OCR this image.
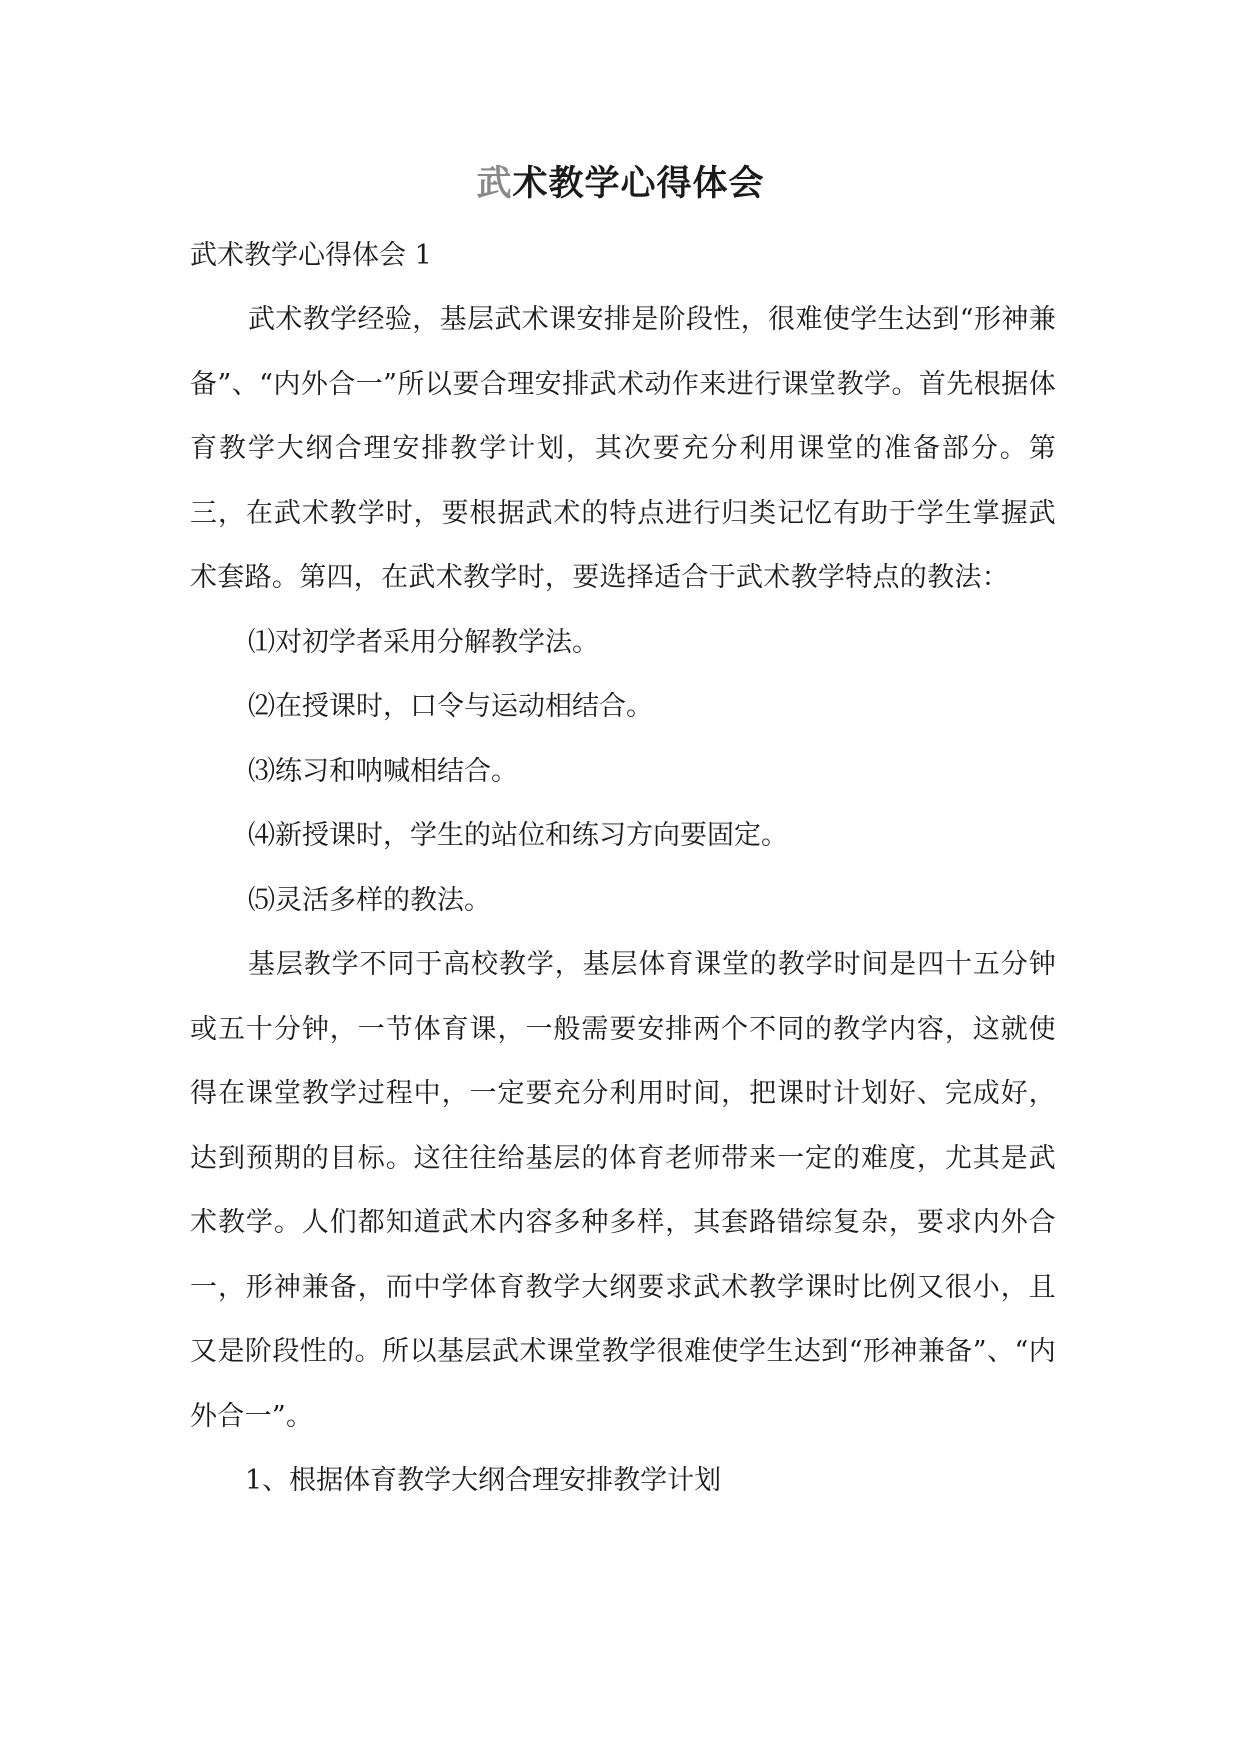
武术教学心得体会

武术教学心得体会 1

武术教学经验，基层武术课安排是阶段性，很难使学生达到“形神兼备”、“内外合一”所以要合理安排武术动作来进行课堂教学。首先根据体育教学大纲合理安排教学计划，其次要充分利用课堂的准备部分。第三，在武术教学时，要根据武术的特点进行归类记忆有助于学生掌握武术套路。第四，在武术教学时，要选择适合于武术教学特点的教法：

⑴对初学者采用分解教学法。

⑵在授课时，口令与运动相结合。

⑶练习和呐喊相结合。

⑷新授课时，学生的站位和练习方向要固定。

⑸灵活多样的教法。

基层教学不同于高校教学，基层体育课堂的教学时间是四十五分钟或五十分钟，一节体育课，一般需要安排两个不同的教学内容，这就使得在课堂教学过程中，一定要充分利用时间，把课时计划好、完成好，达到预期的目标。这往往给基层的体育老师带来一定的难度，尤其是武术教学。人们都知道武术内容多种多样，其套路错综复杂，要求内外合一，形神兼备，而中学体育教学大纲要求武术教学课时比例又很小，且又是阶段性的。所以基层武术课堂教学很难使学生达到“形神兼备”、“内外合一”。

1、根据体育教学大纲合理安排教学计划
